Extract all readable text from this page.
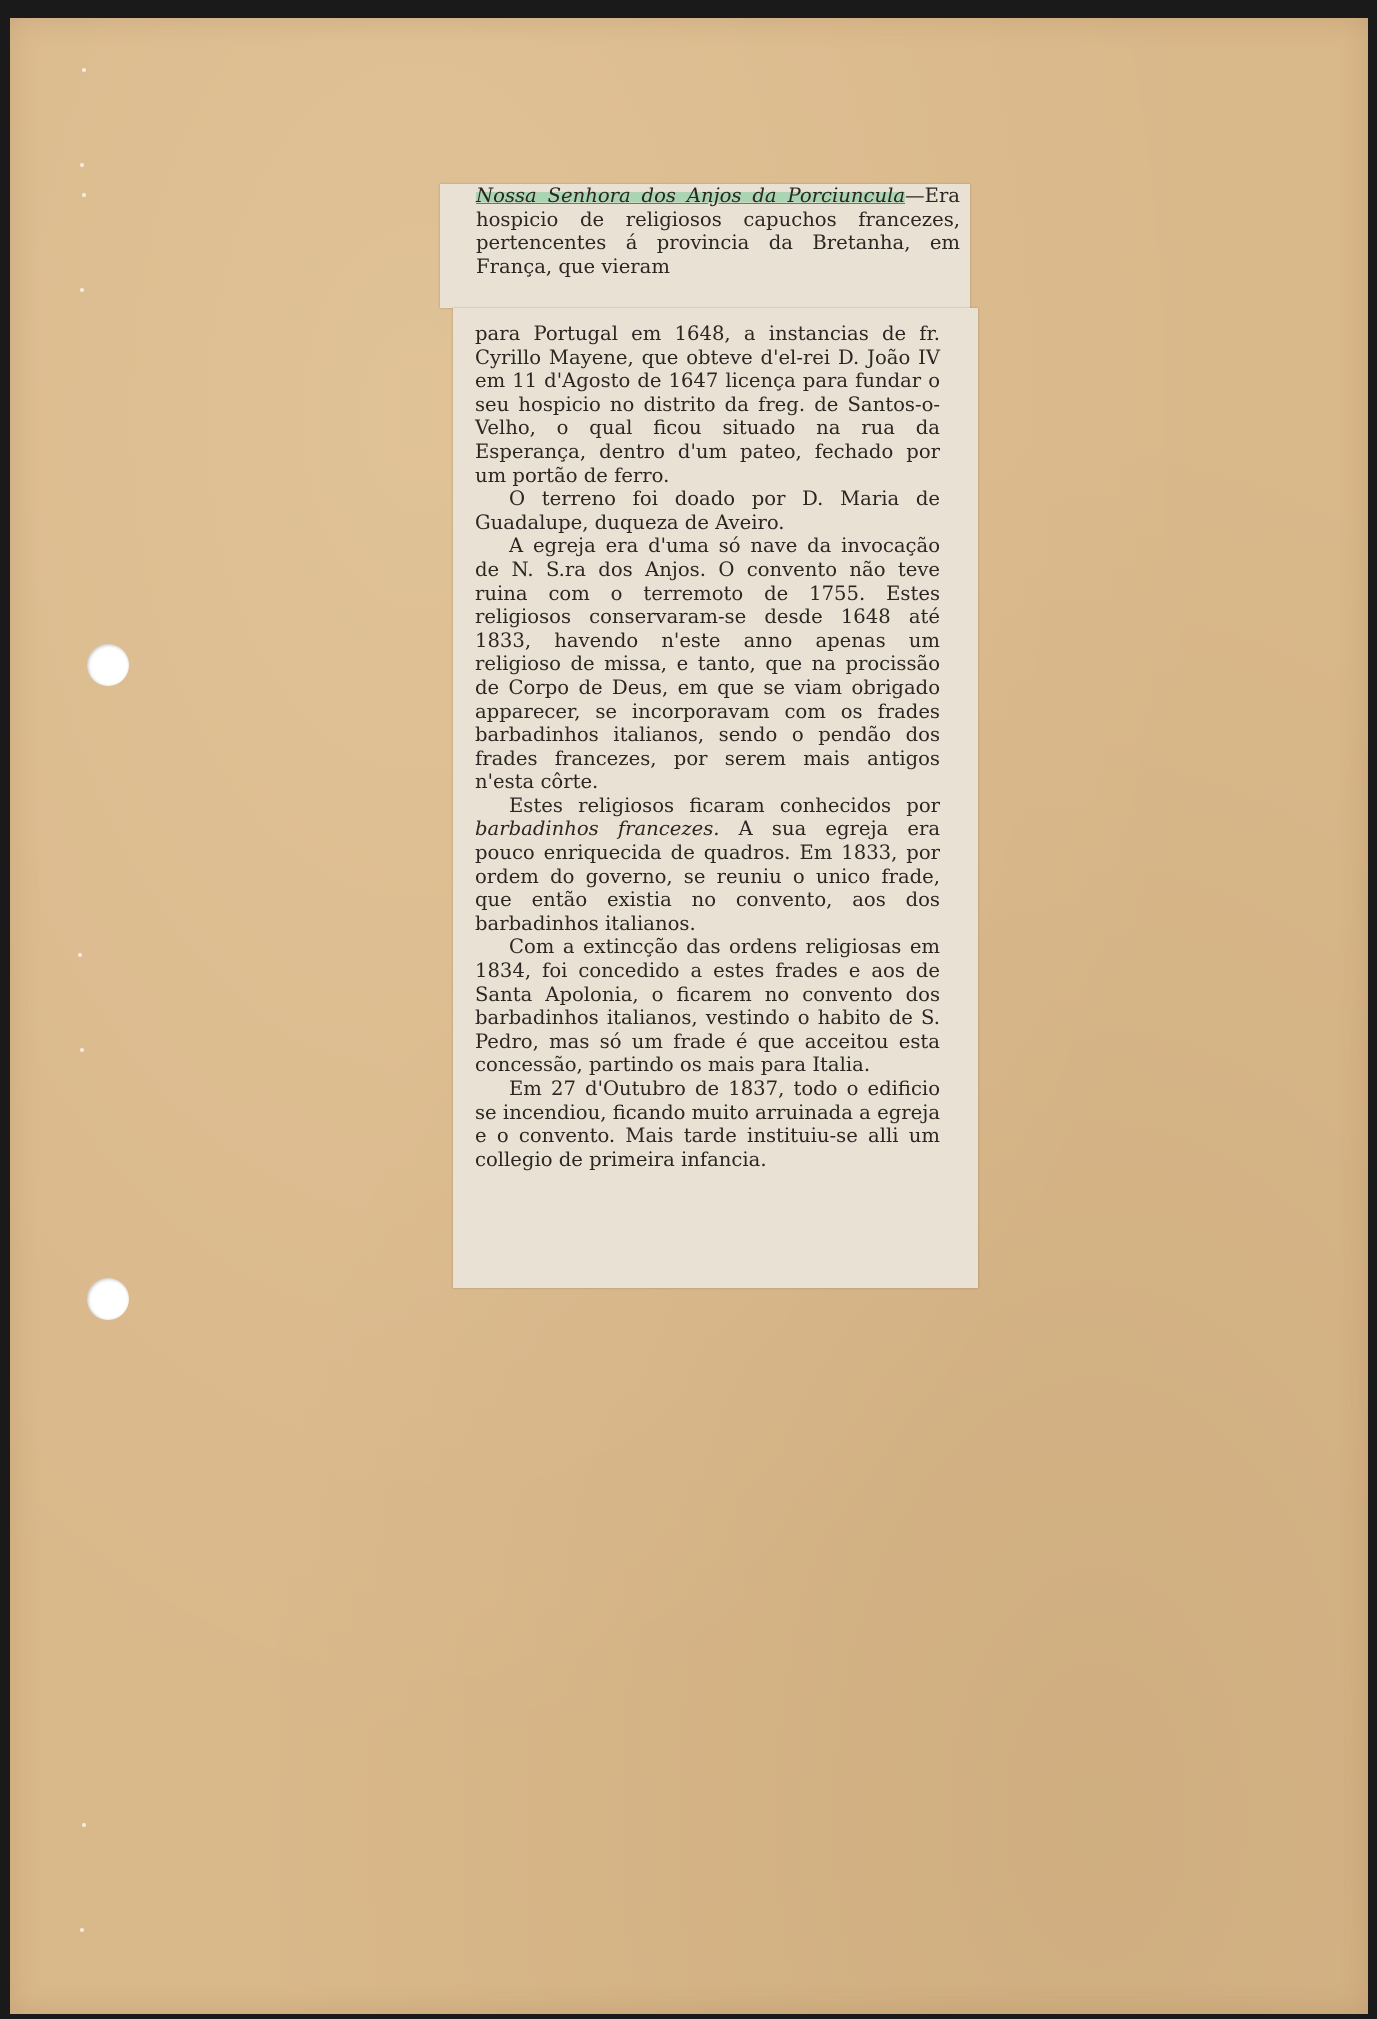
Nossa Senhora dos Anjos da Porciuncula—Era hospicio de religiosos capuchos francezes, pertencentes á provincia da Bretanha, em França, que vieram

para Portugal em 1648, a instancias de fr. Cyrillo Mayene, que obteve d'el-rei D. João IV em 11 d'Agosto de 1647 licença para fundar o seu hospicio no distrito da freg. de Santos-o-Velho, o qual ficou situado na rua da Esperança, dentro d'um pateo, fechado por um portão de ferro.

O terreno foi doado por D. Maria de Guadalupe, duqueza de Aveiro.

A egreja era d'uma só nave da invocação de N. S.ra dos Anjos. O convento não teve ruina com o terremoto de 1755. Estes religiosos conservaram-se desde 1648 até 1833, havendo n'este anno apenas um religioso de missa, e tanto, que na procissão de Corpo de Deus, em que se viam obrigado apparecer, se incorporavam com os frades barbadinhos italianos, sendo o pendão dos frades francezes, por serem mais antigos n'esta côrte.

Estes religiosos ficaram conhecidos por barbadinhos francezes. A sua egreja era pouco enriquecida de quadros. Em 1833, por ordem do governo, se reuniu o unico frade, que então existia no convento, aos dos barbadinhos italianos.

Com a extincção das ordens religiosas em 1834, foi concedido a estes frades e aos de Santa Apolonia, o ficarem no convento dos barbadinhos italianos, vestindo o habito de S. Pedro, mas só um frade é que acceitou esta concessão, partindo os mais para Italia.

Em 27 d'Outubro de 1837, todo o edificio se incendiou, ficando muito arruinada a egreja e o convento. Mais tarde instituiu-se alli um collegio de primeira infancia.
